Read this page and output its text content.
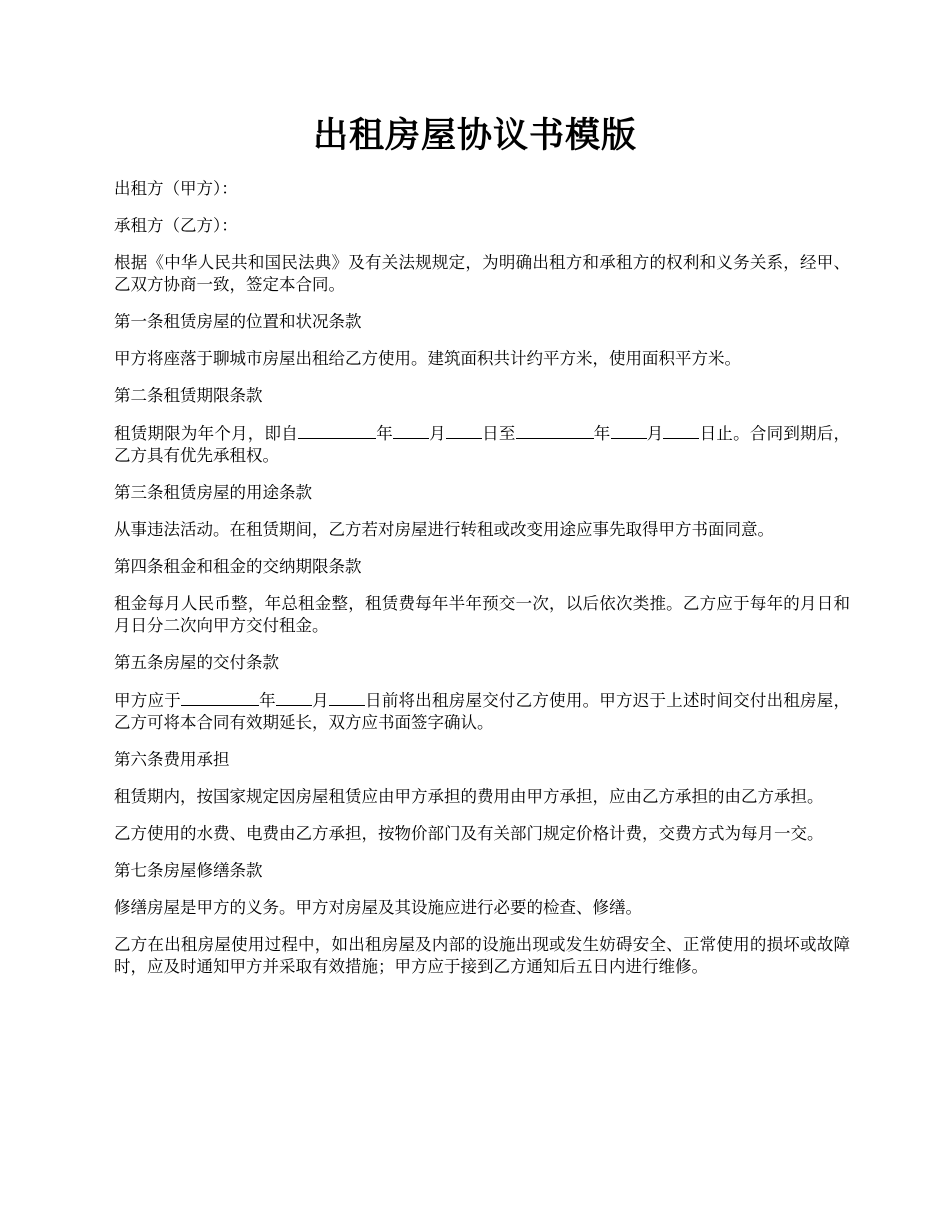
出租房屋协议书模版

出租方（甲方）：

承租方（乙方）：

根据《中华人民共和国民法典》及有关法规规定，为明确出租方和承租方的权利和义务关系，经甲、乙双方协商一致，签定本合同。

第一条租赁房屋的位置和状况条款

甲方将座落于聊城市房屋出租给乙方使用。建筑面积共计约平方米，使用面积平方米。

第二条租赁期限条款

租赁期限为年个月，即自	年 月 日至	年 月 日止。合同到期后，乙方具有优先承租权。

第三条租赁房屋的用途条款

从事违法活动。在租赁期间，乙方若对房屋进行转租或改变用途应事先取得甲方书面同意。

第四条租金和租金的交纳期限条款

租金每月人民币整，年总租金整，租赁费每年半年预交一次，以后依次类推。乙方应于每年的月日和月日分二次向甲方交付租金。

第五条房屋的交付条款

甲方应于	年 月 日前将出租房屋交付乙方使用。甲方迟于上述时间交付出租房屋，乙方可将本合同有效期延长，双方应书面签字确认。

第六条费用承担

租赁期内，按国家规定因房屋租赁应由甲方承担的费用由甲方承担，应由乙方承担的由乙方承担。

乙方使用的水费、电费由乙方承担，按物价部门及有关部门规定价格计费，交费方式为每月一交。

第七条房屋修缮条款

修缮房屋是甲方的义务。甲方对房屋及其设施应进行必要的检查、修缮。

乙方在出租房屋使用过程中，如出租房屋及内部的设施出现或发生妨碍安全、正常使用的损坏或故障时，应及时通知甲方并采取有效措施；甲方应于接到乙方通知后五日内进行维修。
